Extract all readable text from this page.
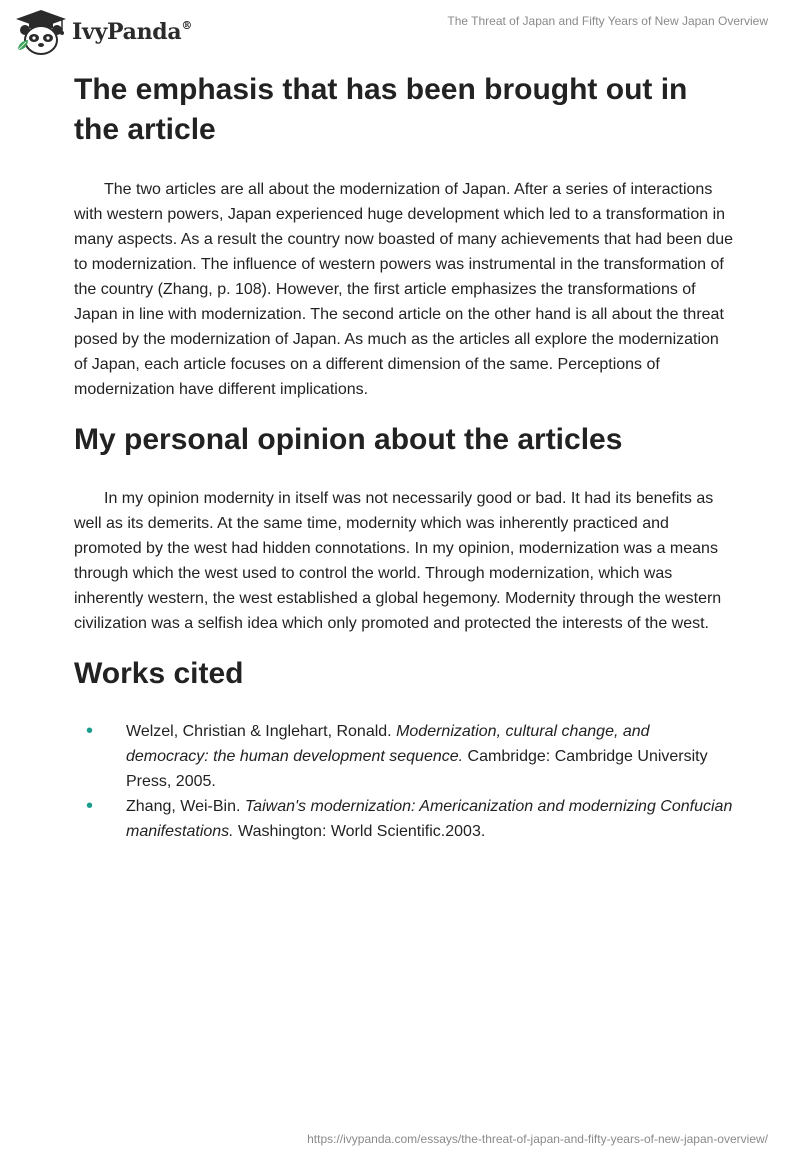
IvyPanda®	The Threat of Japan and Fifty Years of New Japan Overview
The emphasis that has been brought out in the article

The two articles are all about the modernization of Japan. After a series of interactions with western powers, Japan experienced huge development which led to a transformation in many aspects. As a result the country now boasted of many achievements that had been due to modernization. The influence of western powers was instrumental in the transformation of the country (Zhang, p. 108). However, the first article emphasizes the transformations of Japan in line with modernization. The second article on the other hand is all about the threat posed by the modernization of Japan. As much as the articles all explore the modernization of Japan, each article focuses on a different dimension of the same. Perceptions of modernization have different implications.

My personal opinion about the articles

In my opinion modernity in itself was not necessarily good or bad. It had its benefits as well as its demerits. At the same time, modernity which was inherently practiced and promoted by the west had hidden connotations. In my opinion, modernization was a means through which the west used to control the world. Through modernization, which was inherently western, the west established a global hegemony. Modernity through the western civilization was a selfish idea which only promoted and protected the interests of the west.

Works cited
• Welzel, Christian & Inglehart, Ronald. Modernization, cultural change, and democracy: the human development sequence. Cambridge: Cambridge University Press, 2005.
• Zhang, Wei-Bin. Taiwan's modernization: Americanization and modernizing Confucian manifestations. Washington: World Scientific.2003.
https://ivypanda.com/essays/the-threat-of-japan-and-fifty-years-of-new-japan-overview/
